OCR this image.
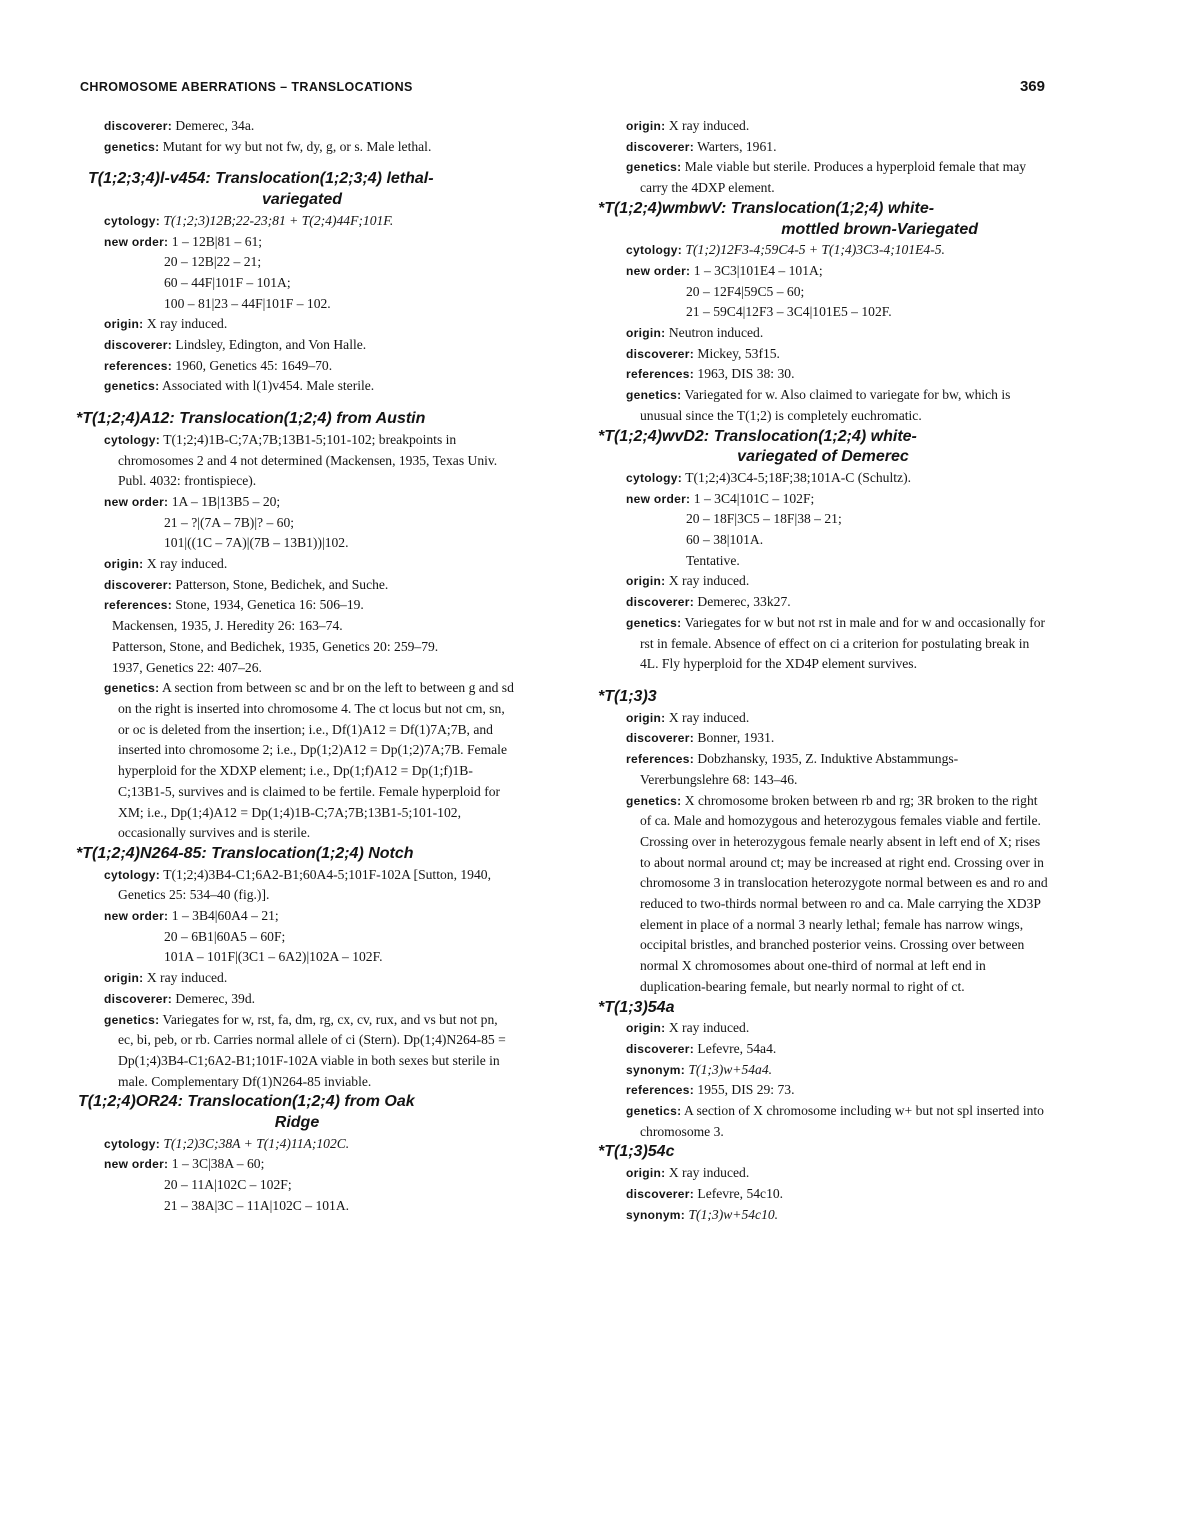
CHROMOSOME ABERRATIONS – TRANSLOCATIONS	369

discoverer: Demerec, 34a.

genetics: Mutant for wy but not fw, dy, g, or s. Male lethal.

T(1;2;3;4)l-v454: Translocation(1;2;3;4) lethal-
variegated

cytology: T(1;2;3)12B;22-23;81 + T(2;4)44F;101F.

new order: 1 – 12B|81 – 61;

20 – 12B|22 – 21;

60 – 44F|101F – 101A;

100 – 81|23 – 44F|101F – 102.

origin: X ray induced.

discoverer: Lindsley, Edington, and Von Halle.

references: 1960, Genetics 45: 1649–70.

genetics: Associated with l(1)v454. Male sterile.

*T(1;2;4)A12: Translocation(1;2;4) from Austin

cytology: T(1;2;4)1B-C;7A;7B;13B1-5;101-102; breakpoints in chromosomes 2 and 4 not determined (Mackensen, 1935, Texas Univ. Publ. 4032: frontispiece).

new order: 1A – 1B|13B5 – 20;

21 – ?|(7A – 7B)|? – 60;

101|((1C – 7A)|(7B – 13B1))|102.

origin: X ray induced.

discoverer: Patterson, Stone, Bedichek, and Suche.

references: Stone, 1934, Genetica 16: 506–19.

Mackensen, 1935, J. Heredity 26: 163–74.

Patterson, Stone, and Bedichek, 1935, Genetics 20: 259–79.

1937, Genetics 22: 407–26.

genetics: A section from between sc and br on the left to between g and sd on the right is inserted into chromosome 4. The ct locus but not cm, sn, or oc is deleted from the insertion; i.e., Df(1)A12 = Df(1)7A;7B, and inserted into chromosome 2; i.e., Dp(1;2)A12 = Dp(1;2)7A;7B. Female hyperploid for the XDXP element; i.e., Dp(1;f)A12 = Dp(1;f)1B-C;13B1-5, survives and is claimed to be fertile. Female hyperploid for XM; i.e., Dp(1;4)A12 = Dp(1;4)1B-C;7A;7B;13B1-5;101-102, occasionally survives and is sterile.

*T(1;2;4)N264-85: Translocation(1;2;4) Notch

cytology: T(1;2;4)3B4-C1;6A2-B1;60A4-5;101F-102A [Sutton, 1940, Genetics 25: 534–40 (fig.)].

new order: 1 – 3B4|60A4 – 21;

20 – 6B1|60A5 – 60F;

101A – 101F|(3C1 – 6A2)|102A – 102F.

origin: X ray induced.

discoverer: Demerec, 39d.

genetics: Variegates for w, rst, fa, dm, rg, cx, cv, rux, and vs but not pn, ec, bi, peb, or rb. Carries normal allele of ci (Stern). Dp(1;4)N264-85 = Dp(1;4)3B4-C1;6A2-B1;101F-102A viable in both sexes but sterile in male. Complementary Df(1)N264-85 inviable.

T(1;2;4)OR24: Translocation(1;2;4) from Oak
Ridge

cytology: T(1;2)3C;38A + T(1;4)11A;102C.

new order: 1 – 3C|38A – 60;

20 – 11A|102C – 102F;

21 – 38A|3C – 11A|102C – 101A.

origin: X ray induced.

discoverer: Warters, 1961.

genetics: Male viable but sterile. Produces a hyperploid female that may carry the 4DXP element.

*T(1;2;4)wmbwV: Translocation(1;2;4) white-
mottled brown-Variegated

cytology: T(1;2)12F3-4;59C4-5 + T(1;4)3C3-4;101E4-5.

new order: 1 – 3C3|101E4 – 101A;

20 – 12F4|59C5 – 60;

21 – 59C4|12F3 – 3C4|101E5 – 102F.

origin: Neutron induced.

discoverer: Mickey, 53f15.

references: 1963, DIS 38: 30.

genetics: Variegated for w. Also claimed to variegate for bw, which is unusual since the T(1;2) is completely euchromatic.

*T(1;2;4)wvD2: Translocation(1;2;4) white-
variegated of Demerec

cytology: T(1;2;4)3C4-5;18F;38;101A-C (Schultz).

new order: 1 – 3C4|101C – 102F;

20 – 18F|3C5 – 18F|38 – 21;

60 – 38|101A.

Tentative.

origin: X ray induced.

discoverer: Demerec, 33k27.

genetics: Variegates for w but not rst in male and for w and occasionally for rst in female. Absence of effect on ci a criterion for postulating break in 4L. Fly hyperploid for the XD4P element survives.

*T(1;3)3

origin: X ray induced.

discoverer: Bonner, 1931.

references: Dobzhansky, 1935, Z. Induktive Abstammungs- Vererbungslehre 68: 143–46.

genetics: X chromosome broken between rb and rg; 3R broken to the right of ca. Male and homozygous and heterozygous females viable and fertile. Crossing over in heterozygous female nearly absent in left end of X; rises to about normal around ct; may be increased at right end. Crossing over in chromosome 3 in translocation heterozygote normal between es and ro and reduced to two-thirds normal between ro and ca. Male carrying the XD3P element in place of a normal 3 nearly lethal; female has narrow wings, occipital bristles, and branched posterior veins. Crossing over between normal X chromosomes about one-third of normal at left end in duplication-bearing female, but nearly normal to right of ct.

*T(1;3)54a

origin: X ray induced.

discoverer: Lefevre, 54a4.

synonym: T(1;3)w+54a4.

references: 1955, DIS 29: 73.

genetics: A section of X chromosome including w+ but not spl inserted into chromosome 3.

*T(1;3)54c

origin: X ray induced.

discoverer: Lefevre, 54c10.

synonym: T(1;3)w+54c10.
